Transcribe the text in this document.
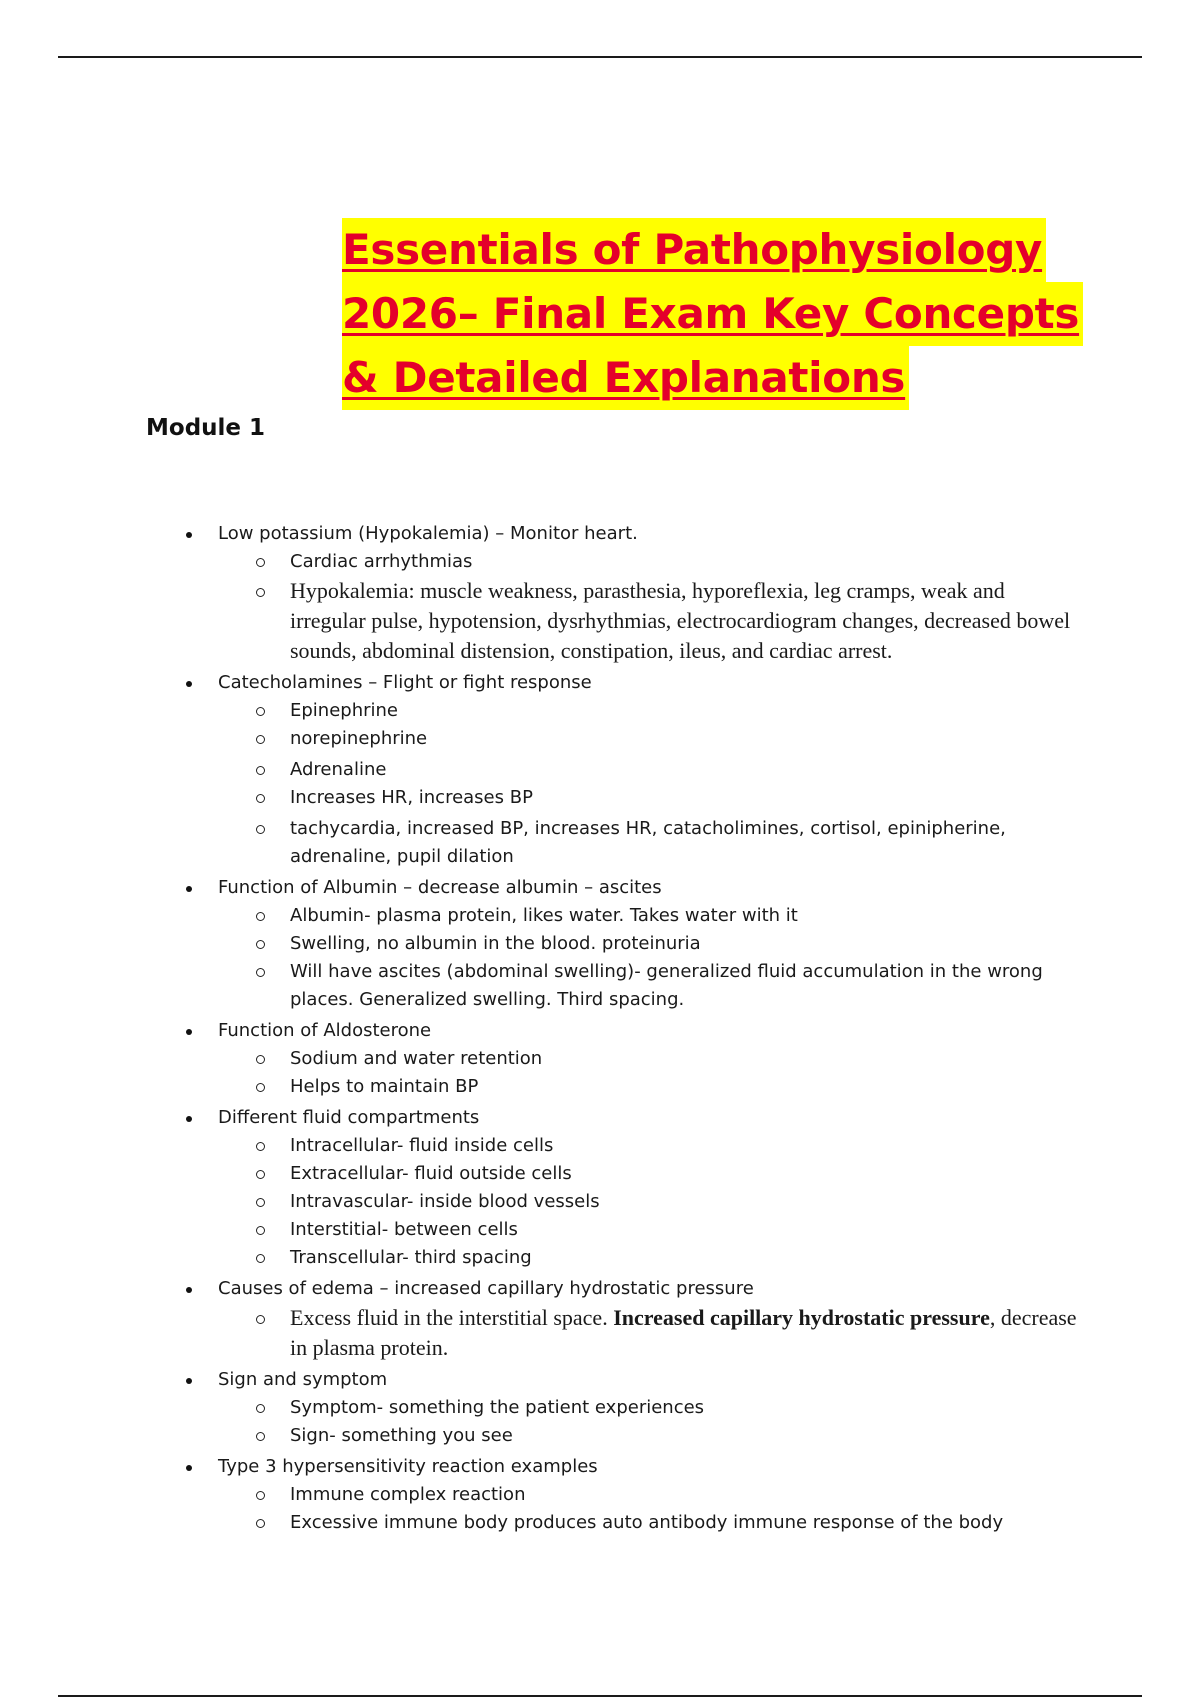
Essentials of Pathophysiology
2026– Final Exam Key Concepts
& Detailed Explanations
Module 1
Low potassium (Hypokalemia) – Monitor heart.
Cardiac arrhythmias
Hypokalemia: muscle weakness, parasthesia, hyporeflexia, leg cramps, weak and irregular pulse, hypotension, dysrhythmias, electrocardiogram changes, decreased bowel sounds, abdominal distension, constipation, ileus, and cardiac arrest.
Catecholamines – Flight or fight response
Epinephrine
norepinephrine
Adrenaline
Increases HR, increases BP
tachycardia, increased BP, increases HR, catacholimines, cortisol, epinipherine, adrenaline, pupil dilation
Function of Albumin – decrease albumin – ascites
Albumin- plasma protein, likes water. Takes water with it
Swelling, no albumin in the blood. proteinuria
Will have ascites (abdominal swelling)- generalized fluid accumulation in the wrong places. Generalized swelling. Third spacing.
Function of Aldosterone
Sodium and water retention
Helps to maintain BP
Different fluid compartments
Intracellular- fluid inside cells
Extracellular- fluid outside cells
Intravascular- inside blood vessels
Interstitial- between cells
Transcellular- third spacing
Causes of edema – increased capillary hydrostatic pressure
Excess fluid in the interstitial space. Increased capillary hydrostatic pressure, decrease in plasma protein.
Sign and symptom
Symptom- something the patient experiences
Sign- something you see
Type 3 hypersensitivity reaction examples
Immune complex reaction
Excessive immune body produces auto antibody immune response of the body
